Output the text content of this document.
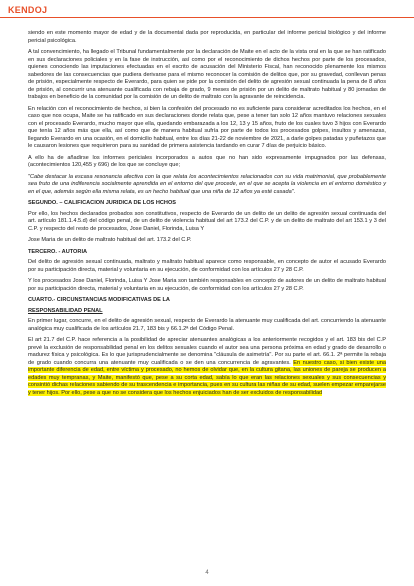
KENDOJ

siendo en este momento mayor de edad y de la documental dada por reproducida, en particular del informe pericial biológico y del informe pericial psicológica.

A tal convencimiento, ha llegado el Tribunal fundamentalmente por la declaración de Maite en el acto de la vista oral en la que se han ratificado en sus declaraciones policiales y en la fase de instrucción, así como por el reconocimiento de dichos hechos por parte de los procesados, quienes conociendo las imputaciones efectuadas en el escrito de acusación del Ministerio Fiscal, han reconocido plenamente los mismos sabedores de las consecuencias que pudiera derivarse para el mismo reconocer la comisión de delitos que, por su gravedad, conllevan penas de prisión, especialmente respecto de Everardo, para quien se pide por la comisión del delito de agresión sexual continuada la pena de 8 años de prisión, al concurrir una atenuante cualificada con rebaja de grado, 9 meses de prisión por un delito de maltrato habitual y 80 jornadas de trabajos en beneficio de la comunidad por la comisión de un delito de maltrato con la agravante de reincidencia.

En relación con el reconocimiento de hechos, si bien la confesión del procesado no es suficiente para considerar acreditados los hechos, en el caso que nos ocupa, Maite se ha ratificado en sus declaraciones donde relata que, pese a tener tan solo 12 años mantuvo relaciones sexuales con el procesado Everardo, mucho mayor que ella, quedando embarazada a los 12, 13 y 15 años, fruto de los cuales tuvo 3 hijos con Everardo que tenía 12 años más que ella, así como que de manera habitual sufría por parte de todos los procesados golpes, insultos y amenazas, llegando Everardo en una ocasión, en el domicilio habitual, entre los días 21-22 de noviembre de 2021, a darle golpes patadas y puñetazos que le causaron lesiones que requirieron para su sanidad de primera asistencia tardando en curar 7 días de perjuicio básico.

A ello ha de añadirse los informes periciales incorporados a autos que no han sido expresamente impugnados por las defensas, (acontecimientos 120,455 y 696) de los que se concluye que;

"Cabe destacar la escasa resonancia afectiva con la que relata los acontecimientos relacionados con su vida matrimonial, que probablemente sea fruto de una indiferencia socialmente aprendida en el entorno del que procede, en el que se acepta la violencia en el entorno doméstico y en el que, además según ella misma relata, es un hecho habitual que una niña de 12 años ya esté casada".

SEGUNDO. – CALIFICACION JURIDICA DE LOS HCHOS

Por ello, los hechos declarados probados son constitutivos, respecto de Everardo de un delito de un delito de agresión sexual continuada del art. artículo 181.1.4.5.d) del código penal, de un delito de violencia habitual del art 173.2 del C.P. y de un delito de maltrato del art 153.1 y 3 del C.P. y respecto del resto de procesados, Jose Daniel, Florinda, Luisa Y

Jose Maria de un delito de maltrato habitual del art. 173.2 del C.P.

TERCERO. - AUTORIA

Del delito de agresión sexual continuada, maltrato y maltrato habitual aparece como responsable, en concepto de autor el acusado Everardo por su participación directa, material y voluntaria en su ejecución, de conformidad con los artículos 27 y 28 C.P.

Y los procesados Jose Daniel, Florinda, Luisa Y Jose Maria son también responsables en concepto de autores de un delito de maltrato habitual por su participación directa, material y voluntaria en su ejecución, de conformidad con los artículos 27 y 28 C.P.

CUARTO.- CIRCUNSTANCIAS MODIFICATIVAS DE LA

RESPONSABILIDAD PENAL

En primer lugar, concurre, en el delito de agresión sexual, respecto de Everardo la atenuante muy cualificada del art. concurriendo la atenuante analógica muy cualificada de los artículos 21.7, 183 bis y 66.1.2ª del Código Penal.

El art 21.7 del C.P. hace referencia a la posibilidad de apreciar atenuantes analógicas a los anteriormente recogidos y el art. 183 bis del C.P prevé la exclusión de responsabilidad penal en los delitos sexuales cuando el autor sea una persona próxima en edad y grado de desarrollo o madurez física y psicológica. Es lo que jurisprudencialmente se denomina "cláusula de asimetría". Por su parte el art. 66.1. 2ª permite la rebaja de grado cuando concurra una atenuante muy cualificada o se den una concurrencia de agravantes. En nuestro caso, si bien existe una importante diferencia de edad, entre víctima y procesado, no hemos de olvidar que, en la cultura gitana, las uniones de pareja se producen a edades muy tempranas, y Maite, manifestó que, pese a su corta edad, sabía lo que eran las relaciones sexuales y sus consecuencias y consintió dichas relaciones sabiendo de su trascendencia e importancia, pues en su cultura las niñas de su edad, suelen empezar emparejarse y tener hijos. Por ello, pese a que no se considera que los hechos enjuiciados han de ser excluidos de responsabilidad

4
